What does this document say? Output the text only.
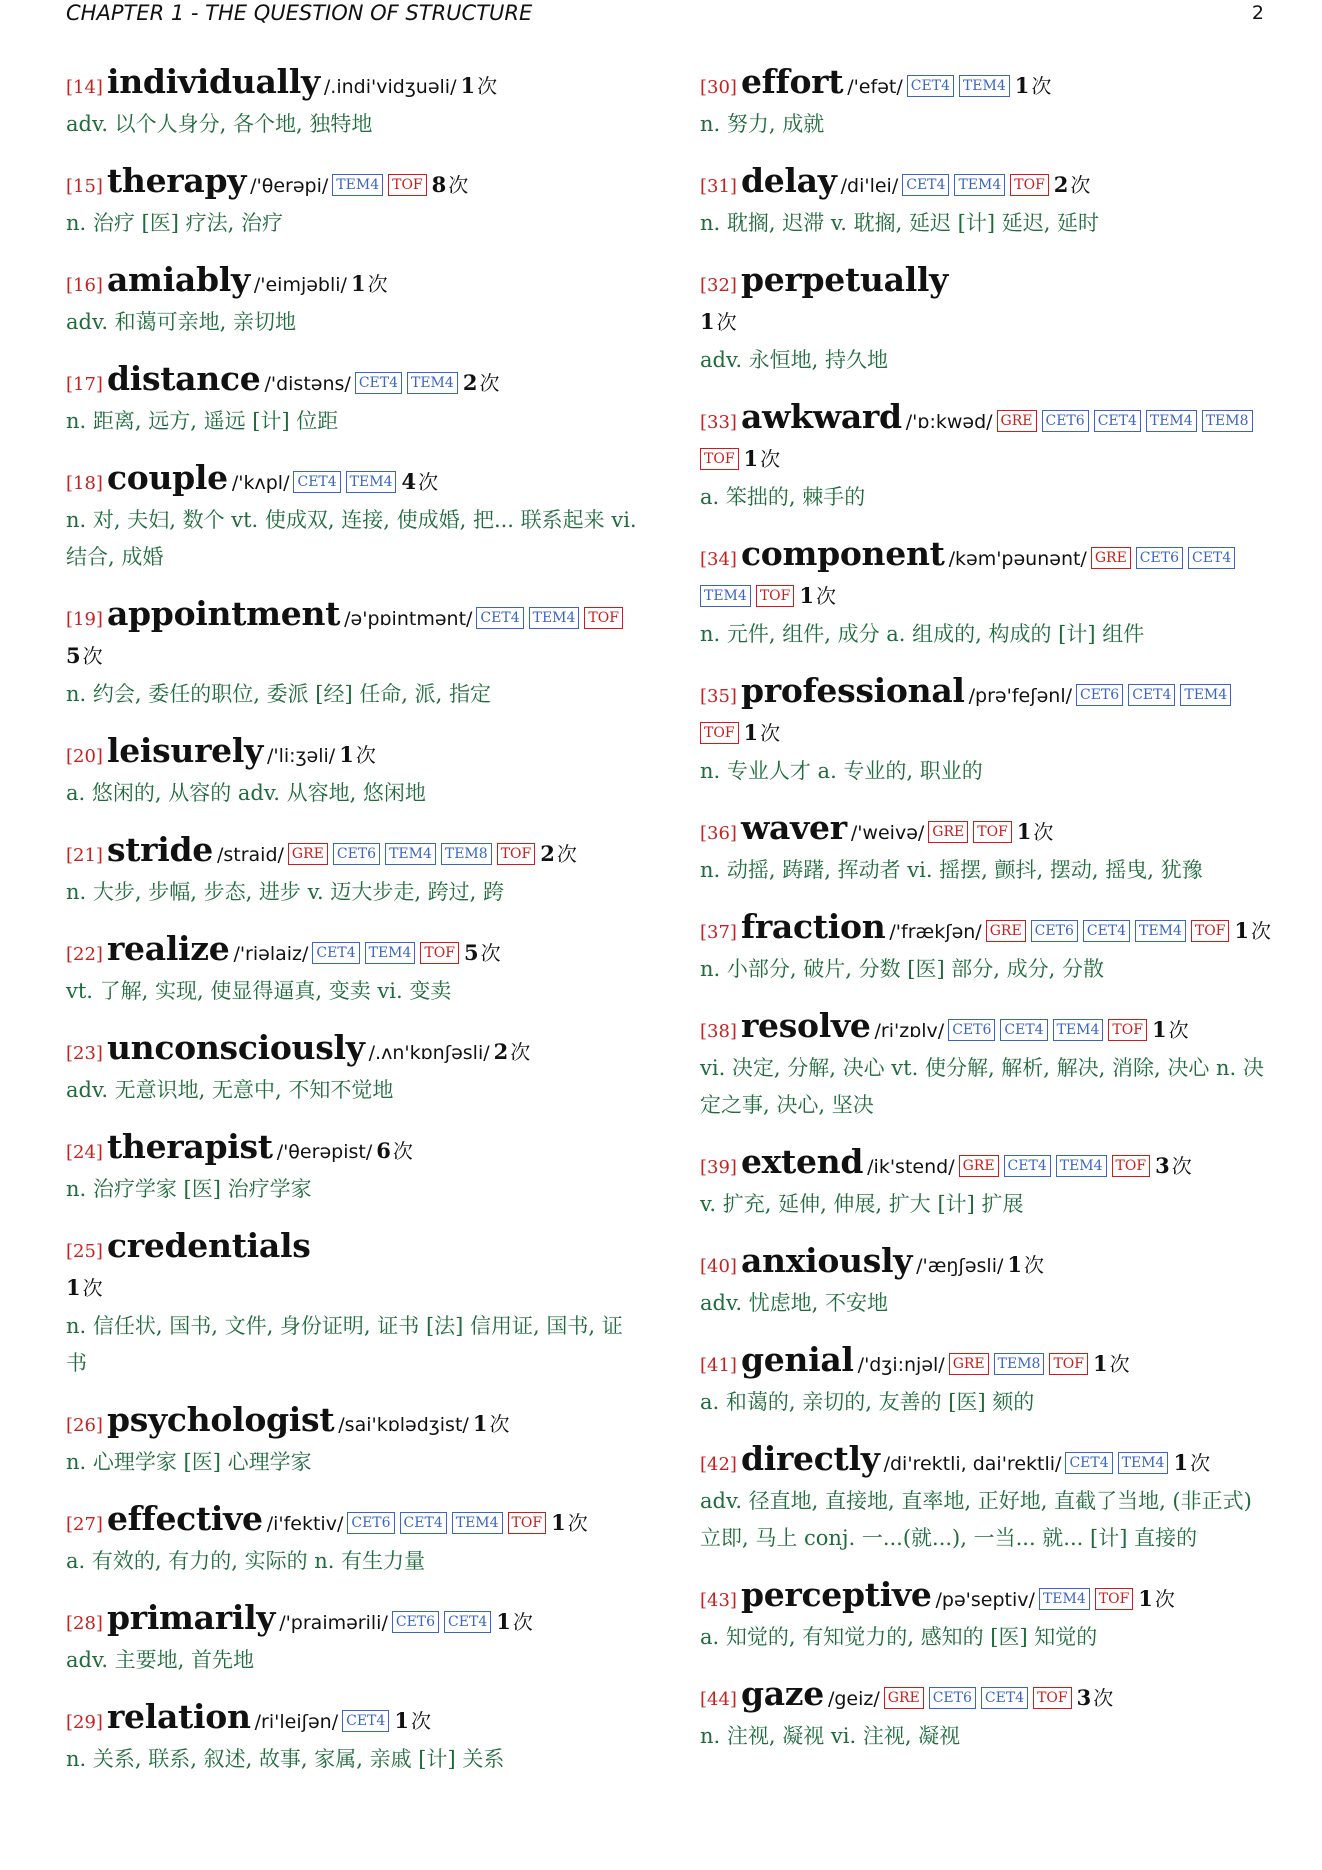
CHAPTER 1 - THE QUESTION OF STRUCTURE	2
[14] individually /.indi'vidʒuəli/ 1 次
adv. 以个人身分, 各个地, 独特地
[15] therapy /'θerəpi/ TEM4 TOF 8 次
n. 治疗 [医] 疗法, 治疗
[16] amiably /'eimjəbli/ 1 次
adv. 和蔼可亲地, 亲切地
[17] distance /'distəns/ CET4 TEM4 2 次
n. 距离, 远方, 遥远 [计] 位距
[18] couple /'kʌpl/ CET4 TEM4 4 次
n. 对, 夫妇, 数个 vt. 使成双, 连接, 使成婚, 把... 联系起来 vi. 结合, 成婚
[19] appointment /ə'pɒintmənt/ CET4 TEM4 TOF
5 次
n. 约会, 委任的职位, 委派 [经] 任命, 派, 指定
[20] leisurely /'li:ʒəli/ 1 次
a. 悠闲的, 从容的 adv. 从容地, 悠闲地
[21] stride /straid/ GRE CET6 TEM4 TEM8 TOF 2 次
n. 大步, 步幅, 步态, 进步 v. 迈大步走, 跨过, 跨
[22] realize /'riəlaiz/ CET4 TEM4 TOF 5 次
vt. 了解, 实现, 使显得逼真, 变卖 vi. 变卖
[23] unconsciously /.ʌn'kɒnʃəsli/ 2 次
adv. 无意识地, 无意中, 不知不觉地
[24] therapist /'θerəpist/ 6 次
n. 治疗学家 [医] 治疗学家
[25] credentials
1 次
n. 信任状, 国书, 文件, 身份证明, 证书 [法] 信用证, 国书, 证书
[26] psychologist /sai'kɒlədʒist/ 1 次
n. 心理学家 [医] 心理学家
[27] effective /i'fektiv/ CET6 CET4 TEM4 TOF 1 次
a. 有效的, 有力的, 实际的 n. 有生力量
[28] primarily /'praimərili/ CET6 CET4 1 次
adv. 主要地, 首先地
[29] relation /ri'leiʃən/ CET4 1 次
n. 关系, 联系, 叙述, 故事, 家属, 亲戚 [计] 关系
[30] effort /'efət/ CET4 TEM4 1 次
n. 努力, 成就
[31] delay /di'lei/ CET4 TEM4 TOF 2 次
n. 耽搁, 迟滞 v. 耽搁, 延迟 [计] 延迟, 延时
[32] perpetually
1 次
adv. 永恒地, 持久地
[33] awkward /'ɒ:kwəd/ GRE CET6 CET4 TEM4 TEM8TOF 1 次
a. 笨拙的, 棘手的
[34] component /kəm'pəunənt/ GRE CET6 CET4TEM4 TOF 1 次
n. 元件, 组件, 成分 a. 组成的, 构成的 [计] 组件
[35] professional /prə'feʃənl/ CET6 CET4 TEM4TOF 1 次
n. 专业人才 a. 专业的, 职业的
[36] waver /'weivə/ GRE TOF 1 次
n. 动摇, 踌躇, 挥动者 vi. 摇摆, 颤抖, 摆动, 摇曳, 犹豫
[37] fraction /'frækʃən/ GRE CET6 CET4 TEM4 TOF 1 次
n. 小部分, 破片, 分数 [医] 部分, 成分, 分散
[38] resolve /ri'zɒlv/ CET6 CET4 TEM4 TOF 1 次
vi. 决定, 分解, 决心 vt. 使分解, 解析, 解决, 消除, 决心 n. 决定之事, 决心, 坚决
[39] extend /ik'stend/ GRE CET4 TEM4 TOF 3 次
v. 扩充, 延伸, 伸展, 扩大 [计] 扩展
[40] anxiously /'æŋʃəsli/ 1 次
adv. 忧虑地, 不安地
[41] genial /'dʒi:njəl/ GRE TEM8 TOF 1 次
a. 和蔼的, 亲切的, 友善的 [医] 颏的
[42] directly /di'rektli, dai'rektli/ CET4 TEM4 1 次
adv. 径直地, 直接地, 直率地, 正好地, 直截了当地, (非正式) 立即, 马上 conj. 一...(就...), 一当... 就... [计] 直接的
[43] perceptive /pə'septiv/ TEM4 TOF 1 次
a. 知觉的, 有知觉力的, 感知的 [医] 知觉的
[44] gaze /geiz/ GRE CET6 CET4 TOF 3 次
n. 注视, 凝视 vi. 注视, 凝视
